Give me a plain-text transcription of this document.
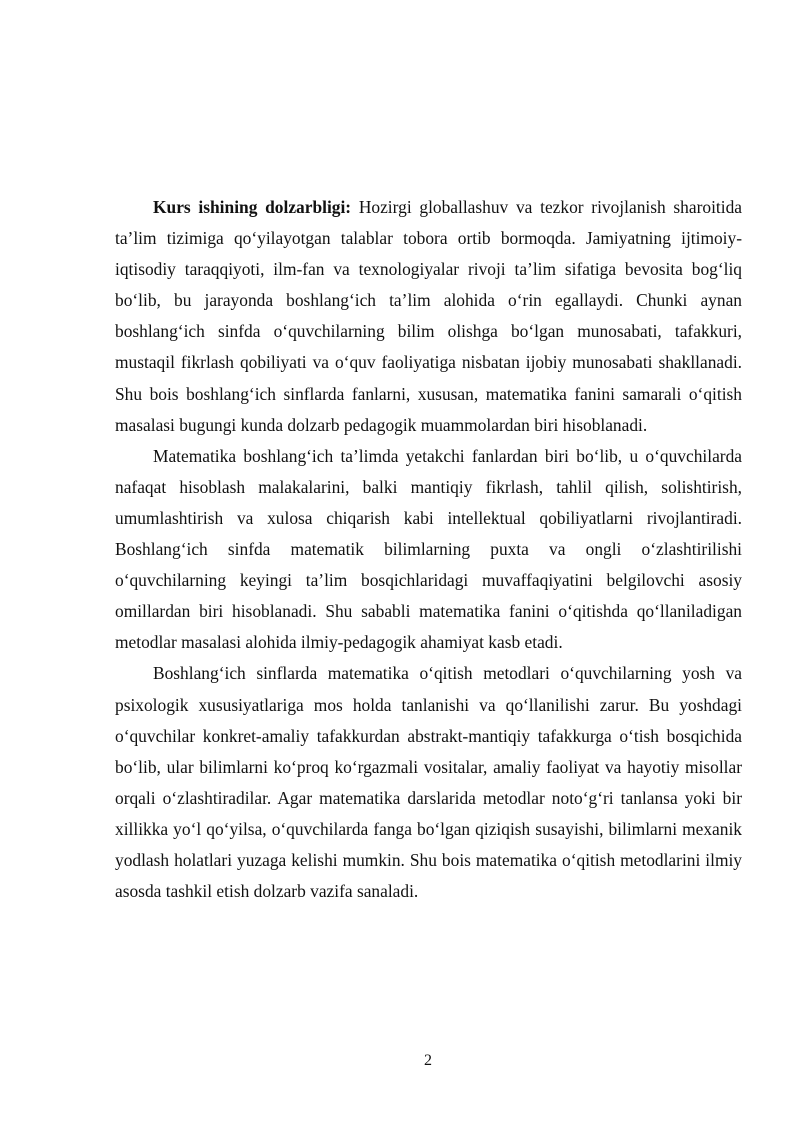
Kurs ishining dolzarbligi: Hozirgi globallashuv va tezkor rivojlanish sharoitida ta’lim tizimiga qo‘yilayotgan talablar tobora ortib bormoqda. Jamiyatning ijtimoiy-iqtisodiy taraqqiyoti, ilm-fan va texnologiyalar rivoji ta’lim sifatiga bevosita bog‘liq bo‘lib, bu jarayonda boshlang‘ich ta’lim alohida o‘rin egallaydi. Chunki aynan boshlang‘ich sinfda o‘quvchilarning bilim olishga bo‘lgan munosabati, tafakkuri, mustaqil fikrlash qobiliyati va o‘quv faoliyatiga nisbatan ijobiy munosabati shakllanadi. Shu bois boshlang‘ich sinflarda fanlarni, xususan, matematika fanini samarali o‘qitish masalasi bugungi kunda dolzarb pedagogik muammolardan biri hisoblanadi.

Matematika boshlang‘ich ta’limda yetakchi fanlardan biri bo‘lib, u o‘quvchilarda nafaqat hisoblash malakalarini, balki mantiqiy fikrlash, tahlil qilish, solishtirish, umumlashtirish va xulosa chiqarish kabi intellektual qobiliyatlarni rivojlantiradi. Boshlang‘ich sinfda matematik bilimlarning puxta va ongli o‘zlashtirilishi o‘quvchilarning keyingi ta’lim bosqichlaridagi muvaffaqiyatini belgilovchi asosiy omillardan biri hisoblanadi. Shu sababli matematika fanini o‘qitishda qo‘llaniladigan metodlar masalasi alohida ilmiy-pedagogik ahamiyat kasb etadi.

Boshlang‘ich sinflarda matematika o‘qitish metodlari o‘quvchilarning yosh va psixologik xususiyatlariga mos holda tanlanishi va qo‘llanilishi zarur. Bu yoshdagi o‘quvchilar konkret-amaliy tafakkurdan abstrakt-mantiqiy tafakkurga o‘tish bosqichida bo‘lib, ular bilimlarni ko‘proq ko‘rgazmali vositalar, amaliy faoliyat va hayotiy misollar orqali o‘zlashtiradilar. Agar matematika darslarida metodlar noto‘g‘ri tanlansa yoki bir xillikka yo‘l qo‘yilsa, o‘quvchilarda fanga bo‘lgan qiziqish susayishi, bilimlarni mexanik yodlash holatlari yuzaga kelishi mumkin. Shu bois matematika o‘qitish metodlarini ilmiy asosda tashkil etish dolzarb vazifa sanaladi.

2
